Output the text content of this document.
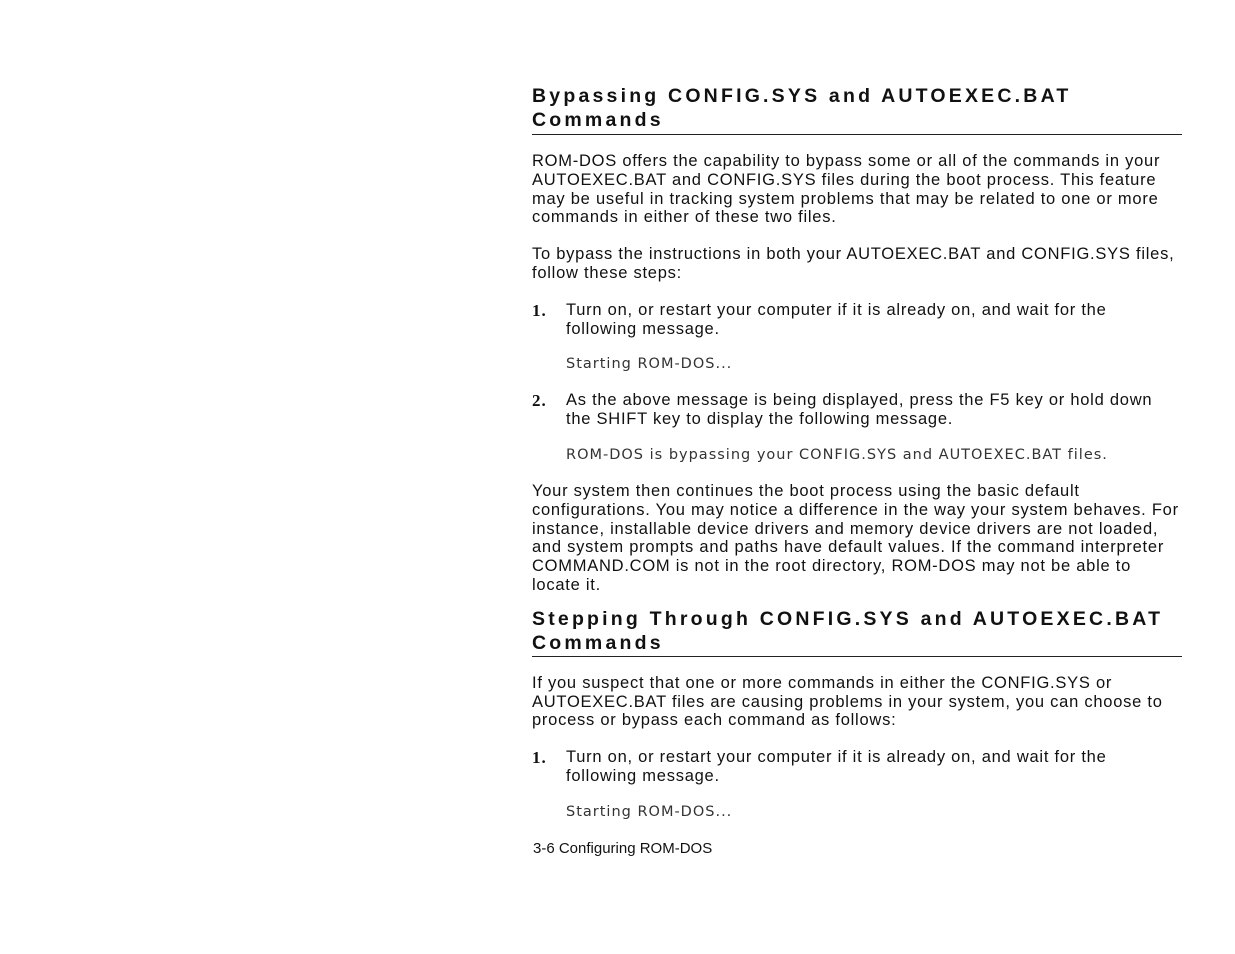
Bypassing CONFIG.SYS and AUTOEXEC.BAT Commands

ROM-DOS offers the capability to bypass some or all of the commands in your AUTOEXEC.BAT and CONFIG.SYS files during the boot process. This feature may be useful in tracking system problems that may be related to one or more commands in either of these two files.

To bypass the instructions in both your AUTOEXEC.BAT and CONFIG.SYS files, follow these steps:

1. Turn on, or restart your computer if it is already on, and wait for the following message.
Starting ROM-DOS...
2. As the above message is being displayed, press the F5 key or hold down the SHIFT key to display the following message.
ROM-DOS is bypassing your CONFIG.SYS and AUTOEXEC.BAT files.

Your system then continues the boot process using the basic default configurations. You may notice a difference in the way your system behaves. For instance, installable device drivers and memory device drivers are not loaded, and system prompts and paths have default values. If the command interpreter COMMAND.COM is not in the root directory, ROM-DOS may not be able to locate it.

Stepping Through CONFIG.SYS and AUTOEXEC.BAT Commands

If you suspect that one or more commands in either the CONFIG.SYS or AUTOEXEC.BAT files are causing problems in your system, you can choose to process or bypass each command as follows:

1. Turn on, or restart your computer if it is already on, and wait for the following message.
Starting ROM-DOS...
3-6 Configuring ROM-DOS
